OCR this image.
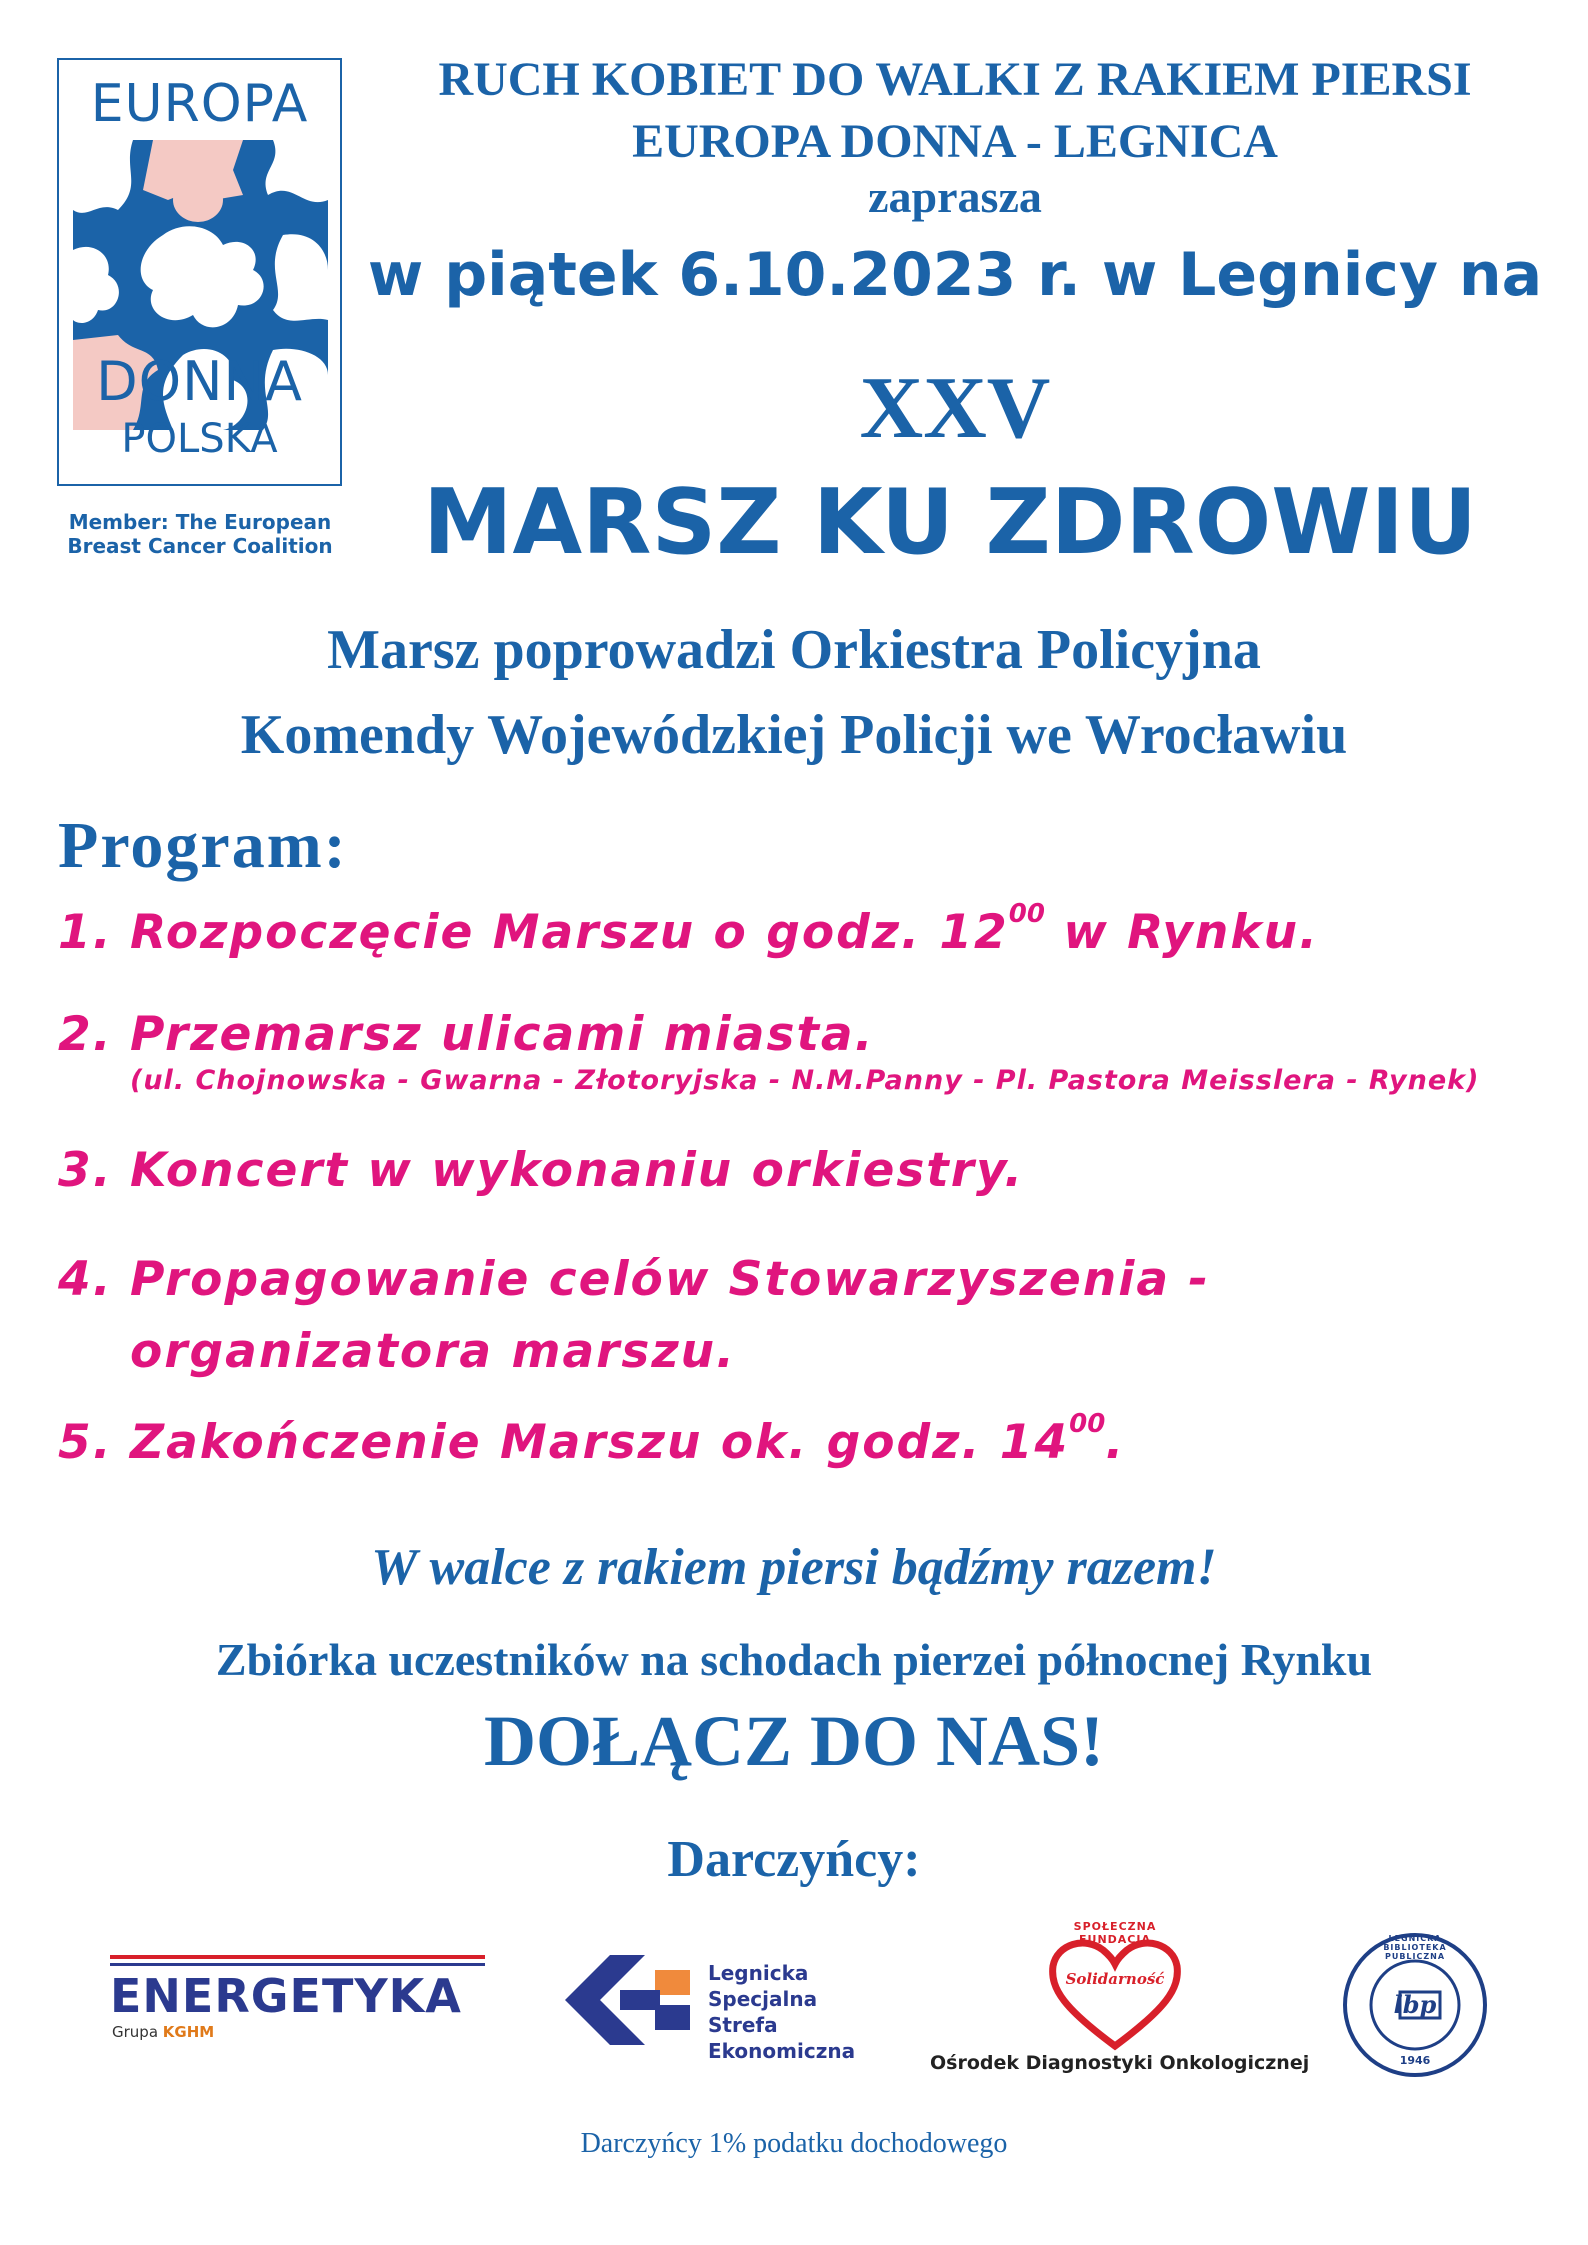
EUROPA
DONNA
POLSKA
Member: The European
Breast Cancer Coalition
RUCH KOBIET DO WALKI Z RAKIEM PIERSI
EUROPA DONNA - LEGNICA
zaprasza
w piątek 6.10.2023 r. w Legnicy na
XXV
MARSZ KU ZDROWIU
Marsz poprowadzi Orkiestra Policyjna
Komendy Wojewódzkiej Policji we Wrocławiu
Program:
1. Rozpoczęcie Marszu o godz. $12^{00}$ w Rynku.
2. Przemarsz ulicami miasta.
(ul. Chojnowska - Gwarna - Złotoryjska - N.M.Panny - Pl. Pastora Meisslera - Rynek)
3. Koncert w wykonaniu orkiestry.
4. Propagowanie celów Stowarzyszenia -
organizatora marszu.
5. Zakończenie Marszu ok. godz. $14^{00}$.
W walce z rakiem piersi bądźmy razem!
Zbiórka uczestników na schodach pierzei północnej Rynku
DOŁĄCZ DO NAS!
Darczyńcy:
ENERGETYKA
Grupa KGHM
Legnicka
Specjalna Strefa
Ekonomiczna
SPOŁECZNA FUNDACJA
Solidarność
Ośrodek Diagnostyki Onkologicznej
LEGNICKA BIBLIOTEKA PUBLICZNA
lbp
1946
Darczyńcy 1% podatku dochodowego
